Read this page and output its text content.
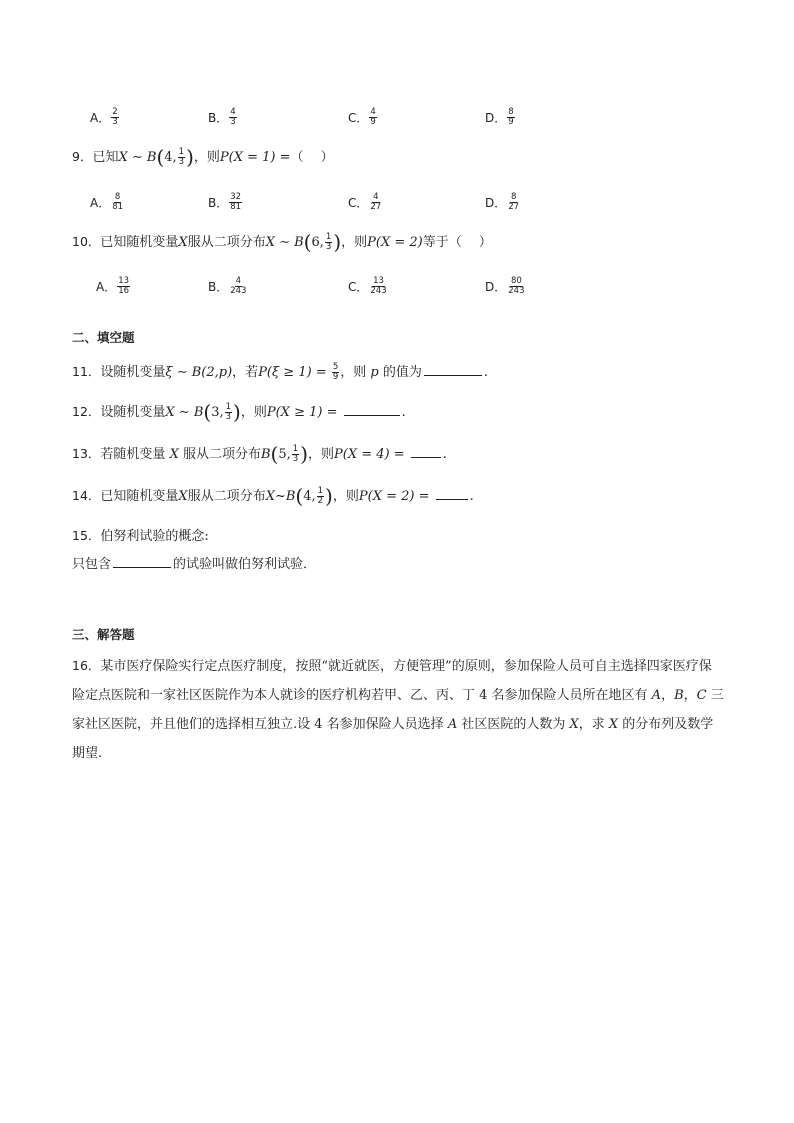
A． $\frac{2}{3}$	B． $\frac{4}{3}$	C． $\frac{4}{9}$	D． $\frac{8}{9}$
9．已知X ∼ B(4, $\frac{1}{3}$ )，则P(X = 1) =（　 ）
A． $\frac{8}{81}$	B． $\frac{32}{81}$	C． $\frac{4}{27}$	D． $\frac{8}{27}$
10．已知随机变量X服从二项分布X ∼ B(6, $\frac{1}{3}$ )，则P(X = 2)等于（　 ）
A． $\frac{13}{16}$	B． $\frac{4}{243}$	C． $\frac{13}{243}$	D． $\frac{80}{243}$
二、填空题
11．设随机变量ξ ∼ B(2,p)，若$P(\xi \ge 1) = \frac{5}{9}$ ，则 p 的值为	.
12．设随机变量X ∼ B(3, $\frac{1}{3}$ )，则P(X ≥ 1) =	.
13．若随机变量 X 服从二项分布B(5, $\frac{1}{3}$ )，则P(X = 4) =	.
14．已知随机变量X服从二项分布X~B(4, $\frac{1}{2}$ )，则P(X = 2) =	.
15．伯努利试验的概念:
只包含	的试验叫做伯努利试验．
三、解答题
16．某市医疗保险实行定点医疗制度，按照“就近就医，方便管理”的原则，参加保险人员可自主选择四家医疗保险定点医院和一家社区医院作为本人就诊的医疗机构若甲、乙、丙、丁 4 名参加保险人员所在地区有 A，B，C 三家社区医院，并且他们的选择相互独立.设 4 名参加保险人员选择 A 社区医院的人数为 X，求 X 的分布列及数学期望.
